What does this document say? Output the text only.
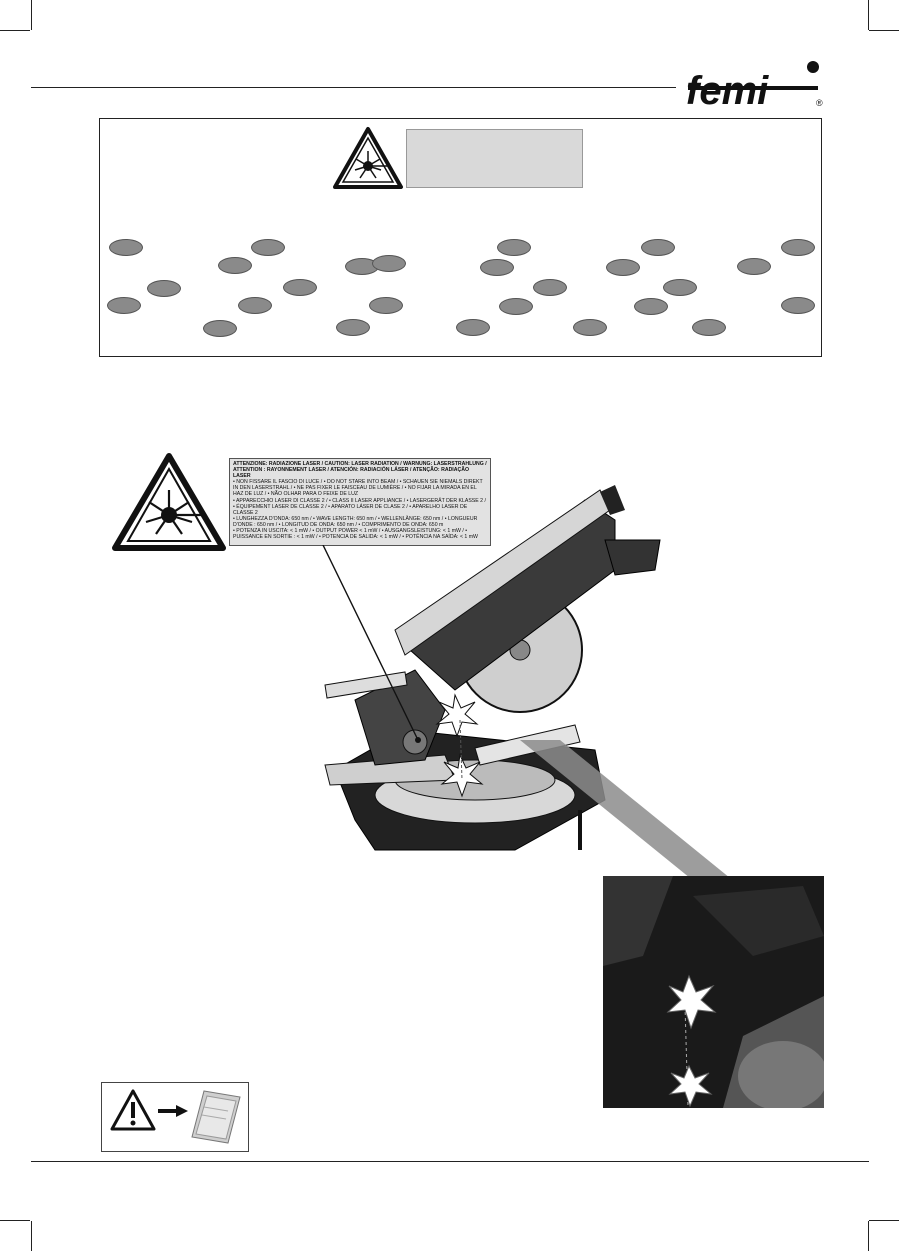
femi	®
ATTENZIONE: RADIAZIONE LASER / CAUTION: LASER RADIATION / WARNUNG: LASERSTRAHLUNG / ATTENTION : RAYONNEMENT LASER / ATENCIÓN: RADIACIÓN LÁSER / ATENÇÃO: RADIAÇÃO LASER
• NON FISSARE IL FASCIO DI LUCE / • DO NOT STARE INTO BEAM / • SCHAUEN SIE NIEMALS DIREKT IN DEN LASERSTRAHL / • NE PAS FIXER LE FAISCEAU DE LUMIÈRE / • NO FIJAR LA MIRADA EN EL HAZ DE LUZ / • NÃO OLHAR PARA O FEIXE DE LUZ
• APPARECCHIO LASER DI CLASSE 2 / • CLASS II LASER APPLIANCE / • LASERGERÄT DER KLASSE 2 / • ÉQUIPEMENT LASER DE CLASSE 2 / • APARATO LÁSER DE CLASE 2 / • APARELHO LASER DE CLASSE 2
• LUNGHEZZA D'ONDA: 650 nm / • WAVE LENGTH: 650 nm / • WELLENLÄNGE: 650 nm / • LONGUEUR D'ONDE : 650 nm / • LONGITUD DE ONDA: 650 nm / • COMPRIMENTO DE ONDA: 650 m
• POTENZA IN USCITA: < 1 mW / • OUTPUT POWER < 1 mW / • AUSGANGSLEISTUNG: < 1 mW / • PUISSANCE EN SORTIE : < 1 mW / • POTENCIA DE SALIDA: < 1 mW / • POTÊNCIA NA SAÍDA: < 1 mW
